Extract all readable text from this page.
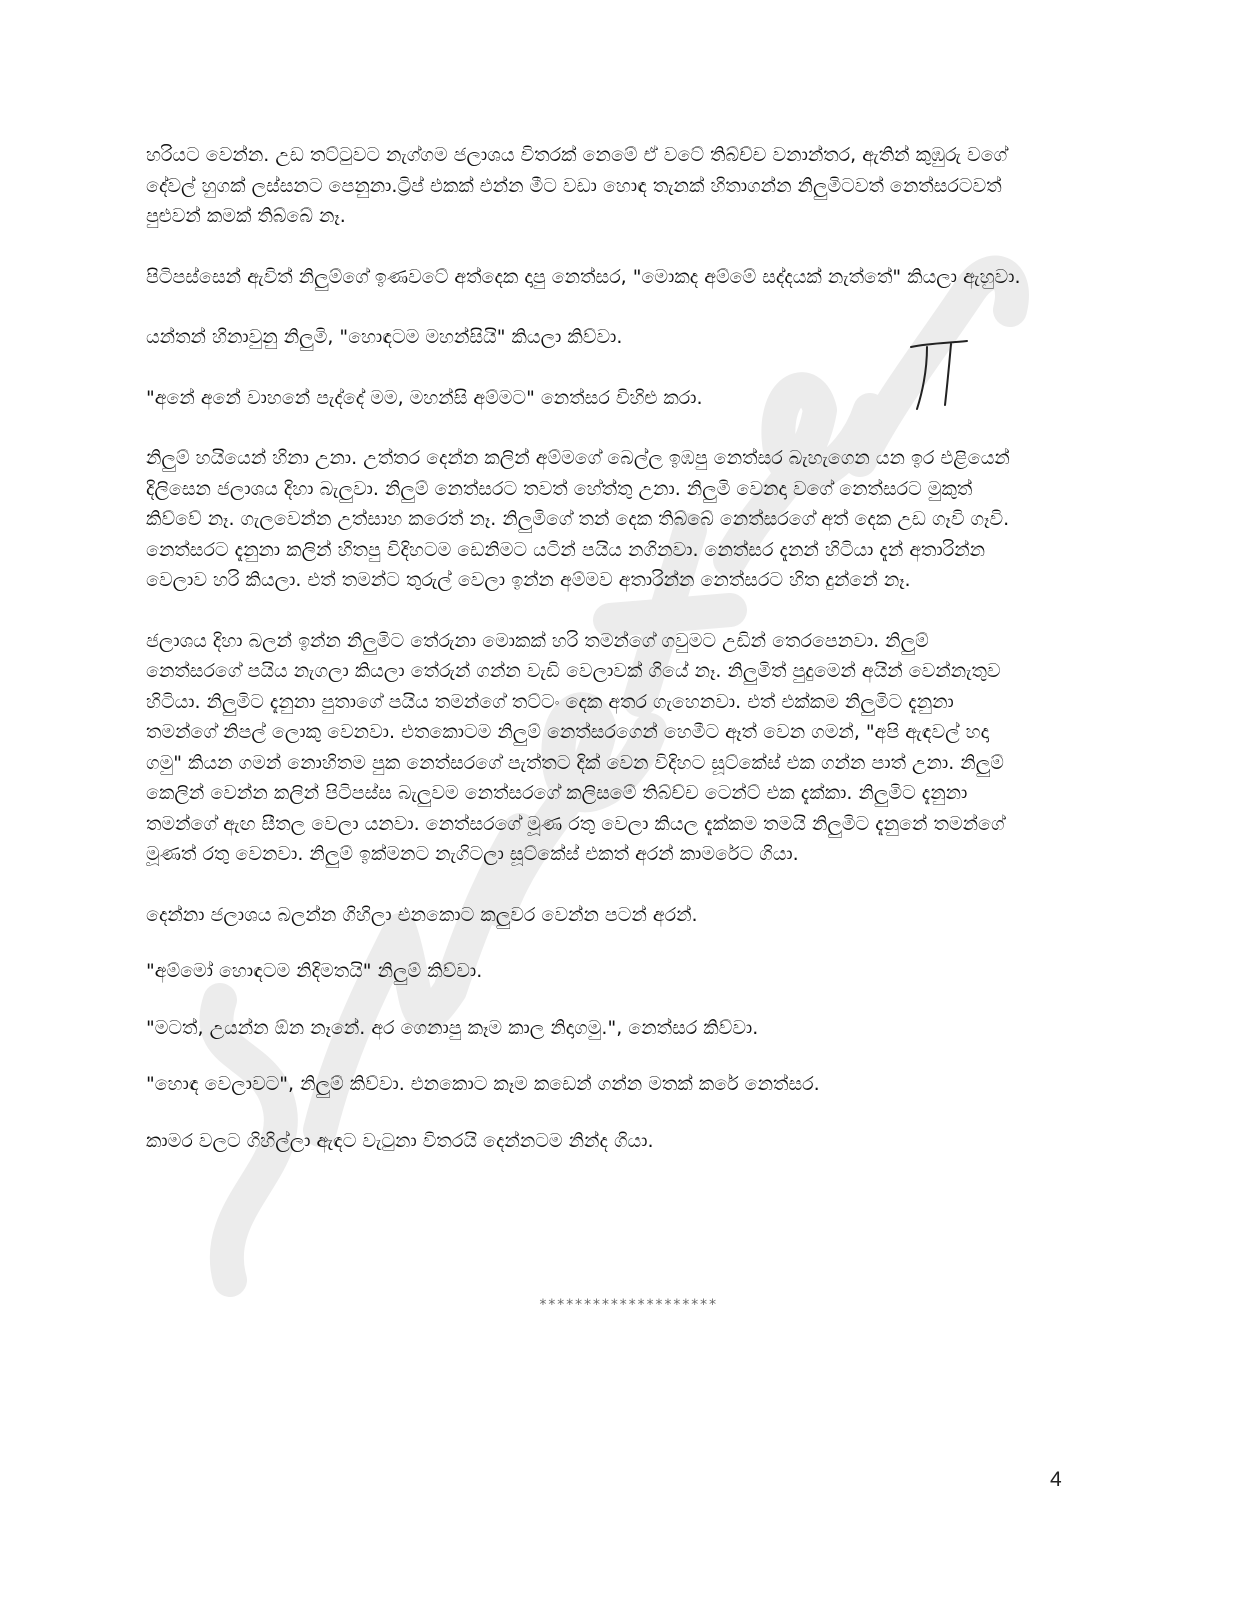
හරියට වෙන්න. උඩ තට්ටුවට නැග්ගම ජලාශය විතරක් නෙමේ ඒ වටේ තිබ්ච්ච වනාන්තර, ඇතින් කුඹුරු වගේ දේවල් හුගක් ලස්සනට පෙනුනා.ට්‍රිප් එකක් එන්න මීට වඩා හොඳ තැනක් හිතාගන්න නිලුමිටවත් නෙත්සරටවත් පුළුවන් කමක් තිබ්බේ නෑ.

පිටිපස්සෙන් ඇවිත් නිලුම්ගේ ඉණවටේ අත්දෙක දාපු නෙත්සර, "මොකද අම්මේ සද්දයක් නැත්තේ" කියලා ඇහුවා.

යන්තන් හිනාවුනු නිලුමි, "හොඳටම මහන්සියි" කියලා කිව්වා.

"අනේ අනේ වාහනේ පැද්දේ මම, මහන්සි අම්මට" නෙත්සර විහිළු කරා.

නිලුම් හයියෙන් හිනා උනා. උත්තර දෙන්න කලින් අම්මගේ බෙල්ල ඉඹපු නෙත්සර බැහැගෙන යන ඉර එළියෙන් දිලිසෙන ජලාශය දිහා බැලුවා. නිලුම් නෙත්සරට තවත් හේත්තු උනා. නිලුමි වෙනදා වගේ නෙත්සරට මුකුත් කිව්වේ නෑ. ගැලවෙන්න උත්සාහ කරෙත් නෑ. නිලුමිගේ තන් දෙක තිබ්බේ නෙත්සරගේ අත් දෙක උඩ ගෑවි ගෑවි. නෙත්සරට දැනුනා කලින් හිතපු විදිහටම ඩෙනිමට යටින් පයිය නගිනවා. නෙත්සර දැනන් හිටියා දැන් අතාරින්න වෙලාව හරි කියලා. එත් තමන්ට තුරුල් වෙලා ඉන්න අම්මව අතාරින්න නෙත්සරට හිත දුන්නේ නෑ.

ජලාශය දිහා බලන් ඉන්න නිලුමිට තේරුනා මොකක් හරි තමන්ගේ ගවුමට උඩින් තෙරපෙනවා. නිලුම් නෙත්සරගේ පයිය නැගලා කියලා තේරුන් ගන්න වැඩි වෙලාවක් ගියේ නෑ. නිලුමිත් පුදුමෙන් අයින් වෙන්නැතුව හිටියා. නිලුමිට දැනුනා පුතාගේ පයිය තමන්ගේ තට්ටං දෙක අතර ගැහෙනවා. එත් එක්කම නිලුමිට දැනුනා තමන්ගේ නිපල් ලොකු වෙනවා. එතකොටම නිලුම් නෙත්සරගෙන් හෙමීට ඈත් වෙන ගමන්, "අපි ඇඳවල් හදා ගමු" කියන ගමන් නොහිතම පුක නෙත්සරගේ පැත්තට දික් වෙන විදිහට සූට්කේස් එක ගන්න පාත් උනා. නිලුම් කෙලින් වෙන්න කලින් පිටිපස්ස බැලුවම නෙත්සරගේ කලිසමේ තිබ්ච්ච ටෙන්ට් එක දැක්කා. නිලුමිට දැනුනා තමන්ගේ ඇඟ සීතල වෙලා යනවා. නෙත්සරගේ මූණ රතු වෙලා කියල දැක්කම තමයි නිලුමිට දැනුනේ තමන්ගේ මූණත් රතු වෙනවා. නිලුම් ඉක්මනට නැගිටලා සූට්කේස් එකත් අරන් කාමරේට ගියා.

දෙන්නා ජලාශය බලන්න ගිහිලා එනකොට කලුවර වෙන්න පටන් අරන්.

"අම්මෝ හොඳටම නිදිමතයි" නිලුම් කිව්වා.

"මටත්, උයන්න ඕන නෑනේ. අර ගෙනාපු කෑම කාල නිදාගමු.", නෙත්සර කිව්වා.

"හොඳ වෙලාවට", නිලුම් කිව්වා. එනකොට කෑම කඩෙන් ගන්න මතක් කරේ නෙත්සර.

කාමර වලට ගිහිල්ලා ඇඳට වැටුනා විතරයි දෙන්නටම නින්ද ගියා.

********************
4
